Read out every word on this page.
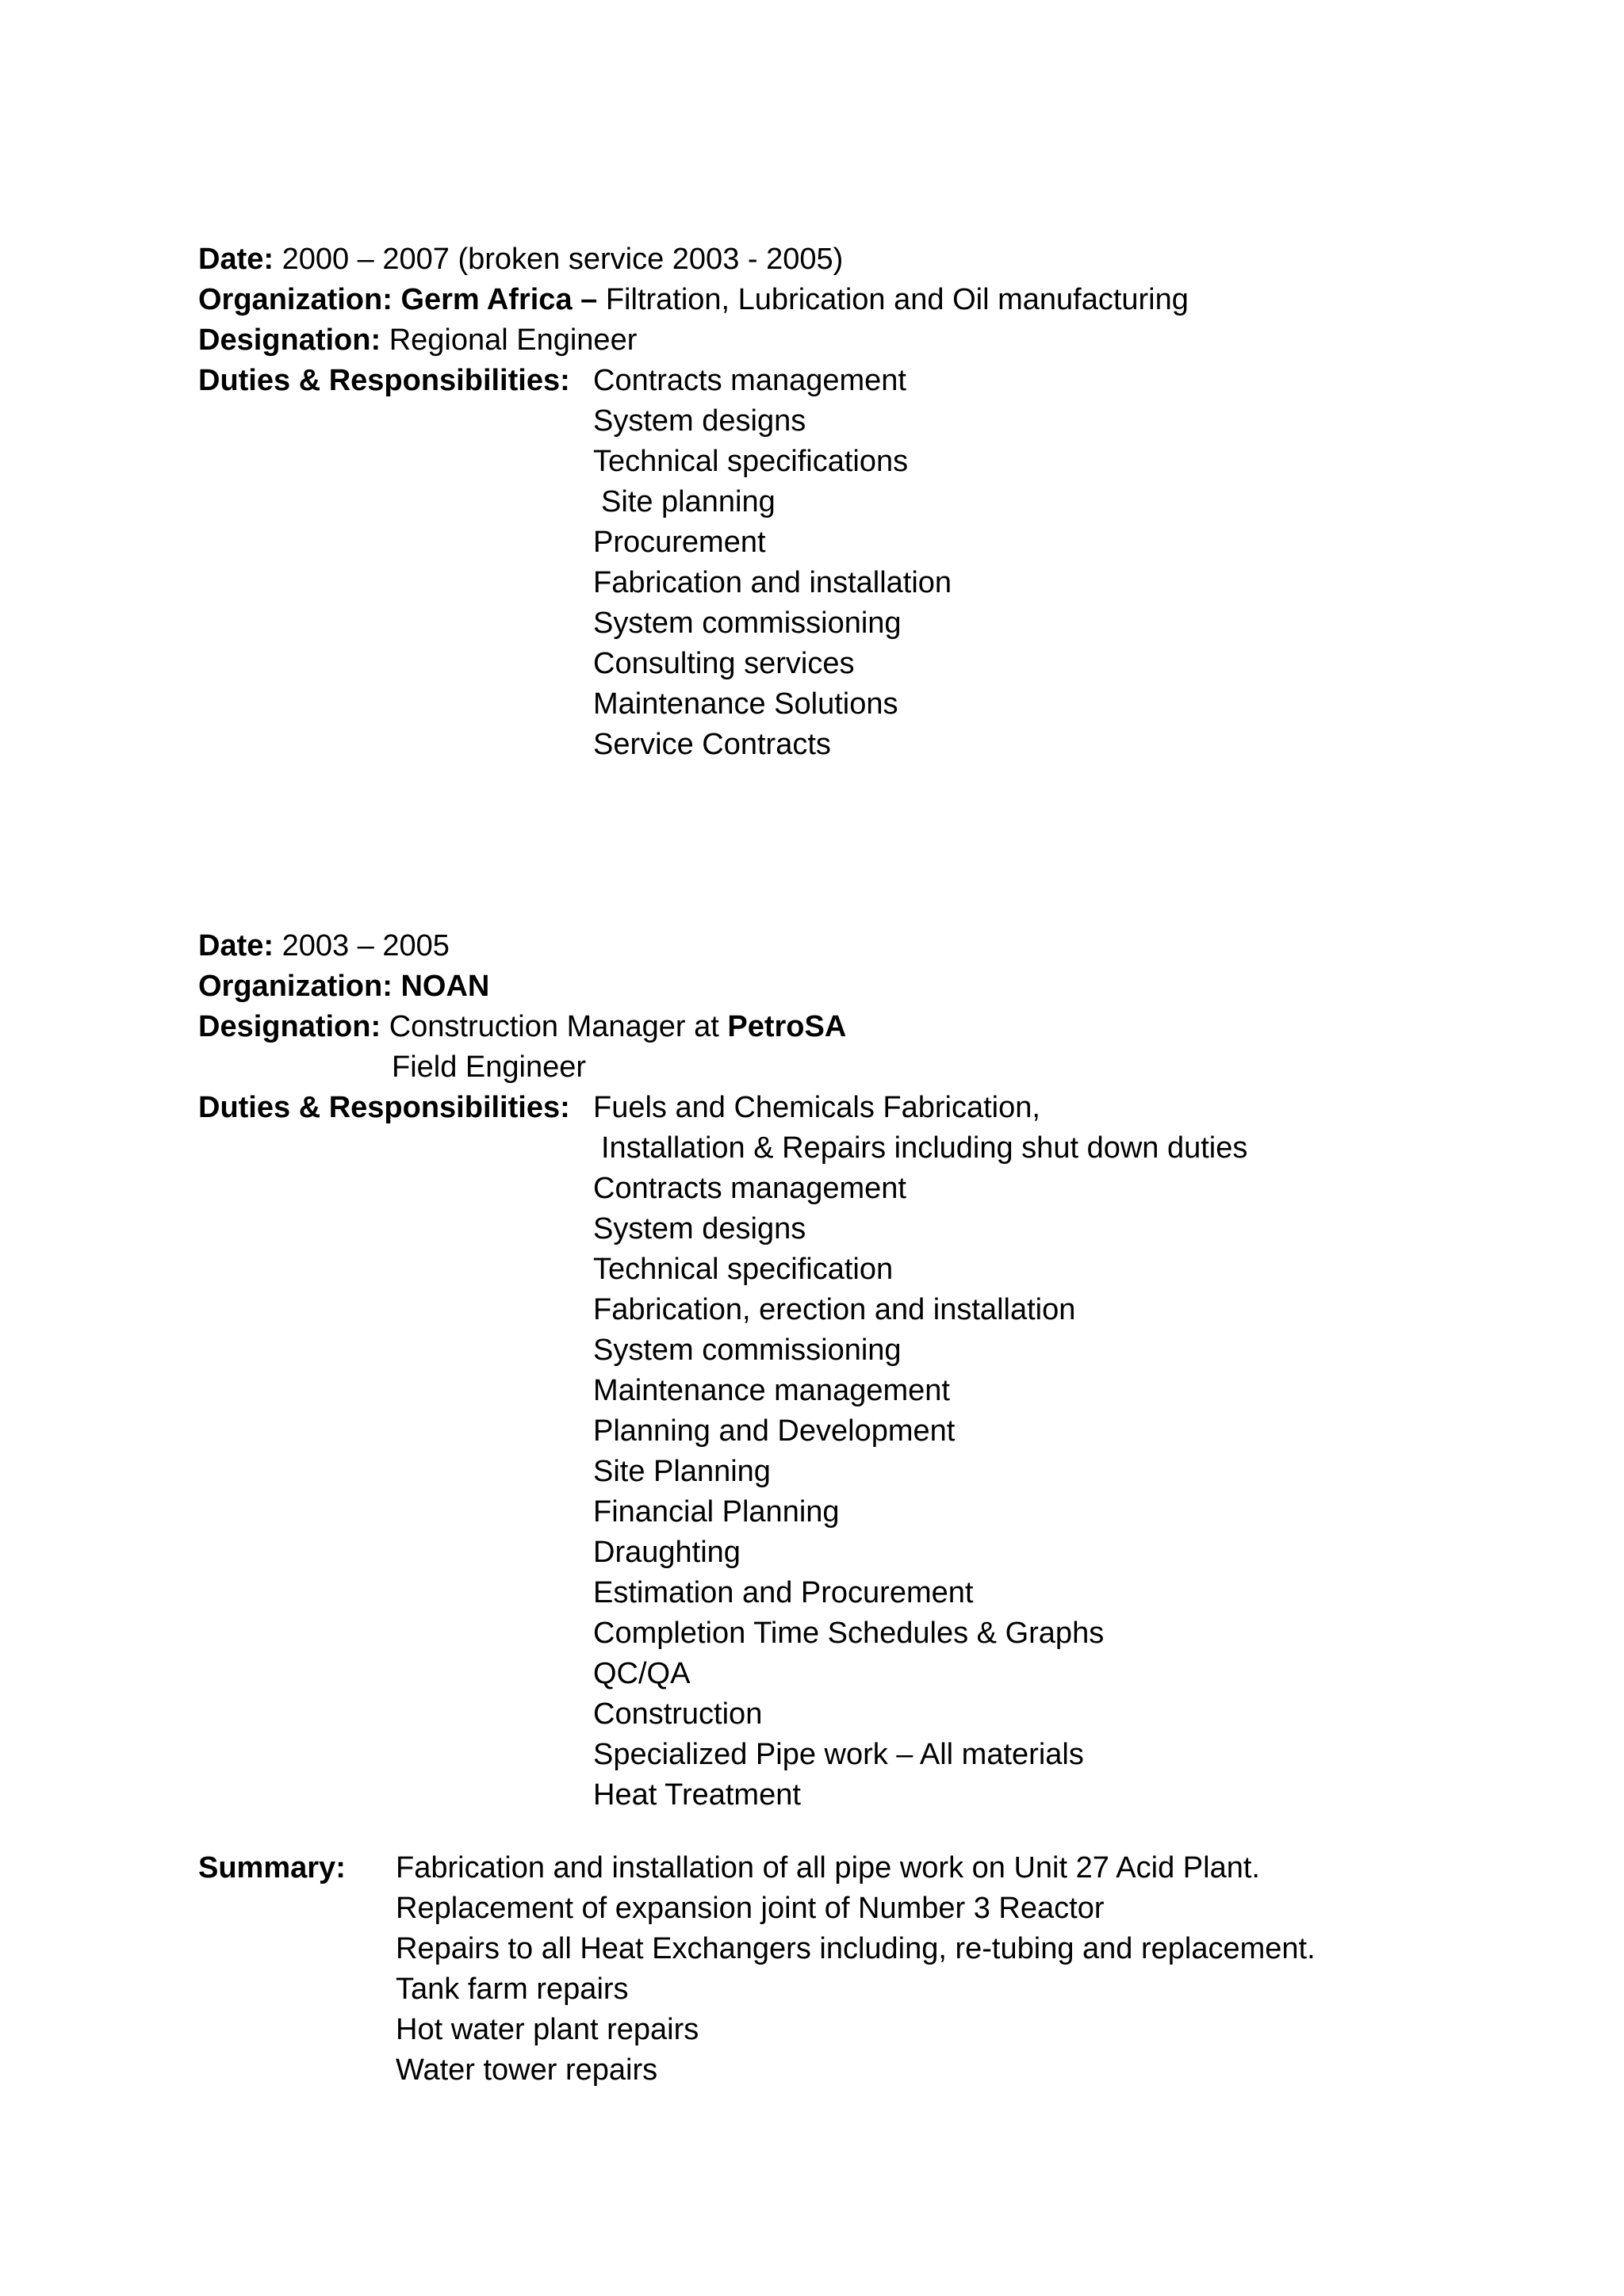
Date: 2000 – 2007 (broken service 2003 - 2005)
Organization: Germ Africa – Filtration, Lubrication and Oil manufacturing
Designation: Regional Engineer
Duties & Responsibilities: Contracts management
System designs
Technical specifications
Site planning
Procurement
Fabrication and installation
System commissioning
Consulting services
Maintenance Solutions
Service Contracts
Date: 2003 – 2005
Organization: NOAN
Designation: Construction Manager at PetroSA
Field Engineer
Duties & Responsibilities: Fuels and Chemicals Fabrication,
Installation & Repairs including shut down duties
Contracts management
System designs
Technical specification
Fabrication, erection and installation
System commissioning
Maintenance management
Planning and Development
Site Planning
Financial Planning
Draughting
Estimation and Procurement
Completion Time Schedules & Graphs
QC/QA
Construction
Specialized Pipe work – All materials
Heat Treatment
Summary: Fabrication and installation of all pipe work on Unit 27 Acid Plant.
Replacement of expansion joint of Number 3 Reactor
Repairs to all Heat Exchangers including, re-tubing and replacement.
Tank farm repairs
Hot water plant repairs
Water tower repairs
